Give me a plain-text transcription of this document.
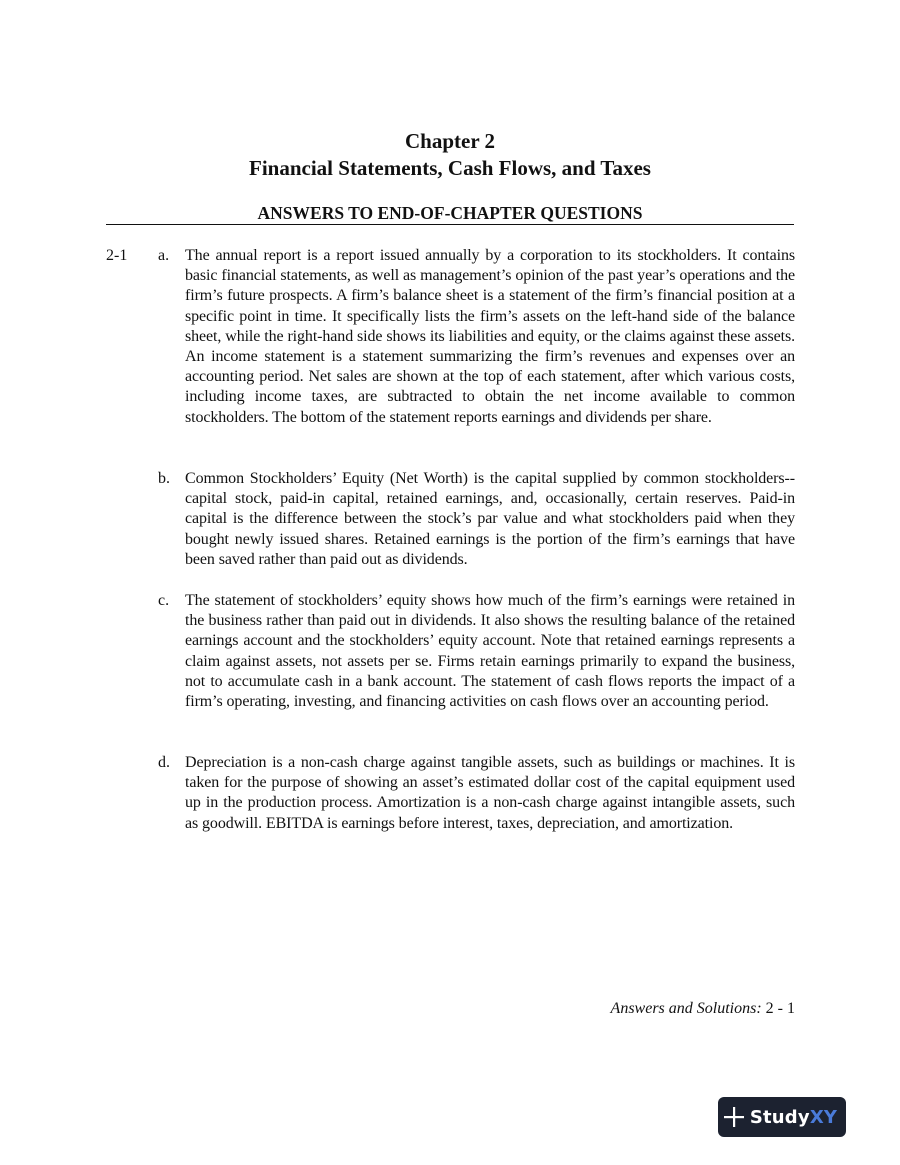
Chapter 2
Financial Statements, Cash Flows, and Taxes
ANSWERS TO END-OF-CHAPTER QUESTIONS
2-1 a. The annual report is a report issued annually by a corporation to its stockholders. It contains basic financial statements, as well as management’s opinion of the past year’s operations and the firm’s future prospects. A firm’s balance sheet is a statement of the firm’s financial position at a specific point in time. It specifically lists the firm’s assets on the left-hand side of the balance sheet, while the right-hand side shows its liabilities and equity, or the claims against these assets. An income statement is a statement summarizing the firm’s revenues and expenses over an accounting period. Net sales are shown at the top of each statement, after which various costs, including income taxes, are subtracted to obtain the net income available to common stockholders. The bottom of the statement reports earnings and dividends per share.
b. Common Stockholders’ Equity (Net Worth) is the capital supplied by common stockholders--capital stock, paid-in capital, retained earnings, and, occasionally, certain reserves. Paid-in capital is the difference between the stock’s par value and what stockholders paid when they bought newly issued shares. Retained earnings is the portion of the firm’s earnings that have been saved rather than paid out as dividends.
c. The statement of stockholders’ equity shows how much of the firm’s earnings were retained in the business rather than paid out in dividends. It also shows the resulting balance of the retained earnings account and the stockholders’ equity account. Note that retained earnings represents a claim against assets, not assets per se. Firms retain earnings primarily to expand the business, not to accumulate cash in a bank account. The statement of cash flows reports the impact of a firm’s operating, investing, and financing activities on cash flows over an accounting period.
d. Depreciation is a non-cash charge against tangible assets, such as buildings or machines. It is taken for the purpose of showing an asset’s estimated dollar cost of the capital equipment used up in the production process. Amortization is a non-cash charge against intangible assets, such as goodwill. EBITDA is earnings before interest, taxes, depreciation, and amortization.
Answers and Solutions: 2 - 1
StudyXY
